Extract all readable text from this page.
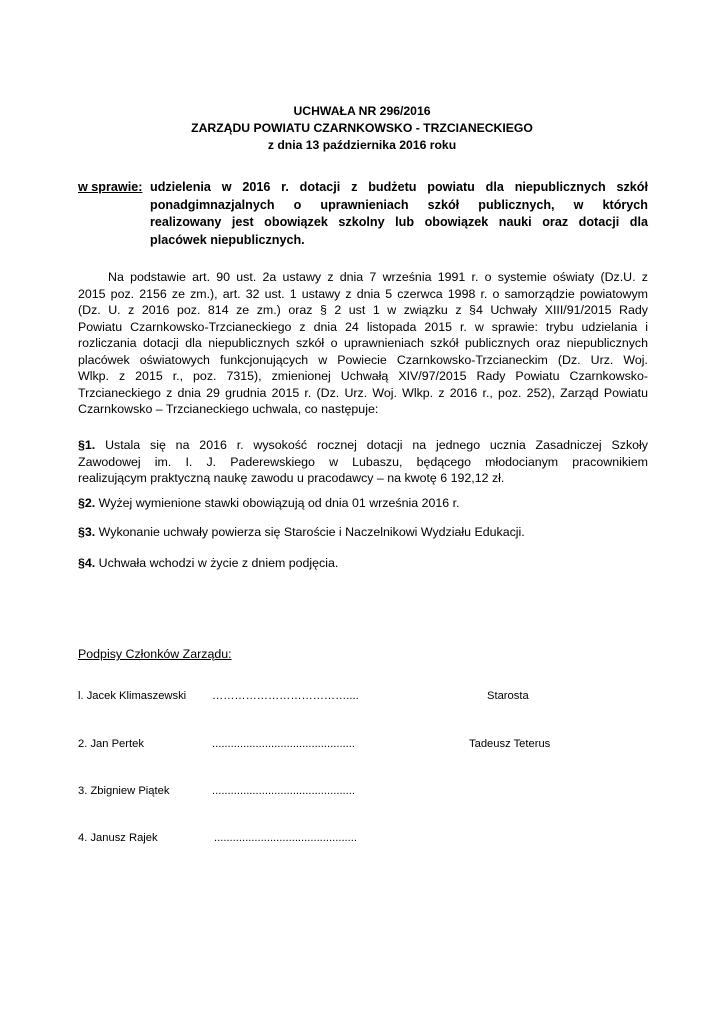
UCHWAŁA NR 296/2016
ZARZĄDU POWIATU CZARNKOWSKO - TRZCIANECKIEGO
z dnia 13 października 2016 roku
w sprawie: udzielenia w 2016 r. dotacji z budżetu powiatu dla niepublicznych szkół
ponadgimnazjalnych o uprawnieniach szkół publicznych, w których
realizowany jest obowiązek szkolny lub obowiązek nauki oraz dotacji dla
placówek niepublicznych.
Na podstawie art. 90 ust. 2a ustawy z dnia 7 września 1991 r. o systemie oświaty (Dz.U. z
2015 poz. 2156 ze zm.), art. 32 ust. 1 ustawy z dnia 5 czerwca 1998 r. o samorządzie powiatowym
(Dz. U. z 2016 poz. 814 ze zm.) oraz § 2 ust 1 w związku z §4 Uchwały XIII/91/2015 Rady
Powiatu Czarnkowsko-Trzcianeckiego z dnia 24 listopada 2015 r. w sprawie: trybu udzielania i
rozliczania dotacji dla niepublicznych szkół o uprawnieniach szkół publicznych oraz niepublicznych
placówek oświatowych funkcjonujących w Powiecie Czarnkowsko-Trzcianeckim (Dz. Urz. Woj.
Wlkp. z 2015 r., poz. 7315), zmienionej Uchwałą XIV/97/2015 Rady Powiatu Czarnkowsko-
Trzcianeckiego z dnia 29 grudnia 2015 r. (Dz. Urz. Woj. Wlkp. z 2016 r., poz. 252), Zarząd Powiatu
Czarnkowsko – Trzcianeckiego uchwala, co następuje:
§1. Ustala się na 2016 r. wysokość rocznej dotacji na jednego ucznia Zasadniczej Szkoły
Zawodowej im. I. J. Paderewskiego w Lubaszu, będącego młodocianym pracownikiem
realizującym praktyczną naukę zawodu u pracodawcy – na kwotę 6 192,12 zł.
§2. Wyżej wymienione stawki obowiązują od dnia 01 września 2016 r.
§3. Wykonanie uchwały powierza się Staroście i Naczelnikowi Wydziału Edukacji.
§4. Uchwała wchodzi w życie z dniem podjęcia.
Podpisy Członków Zarządu:
l. Jacek Klimaszewski ………………………………....	Starosta
2. Jan Pertek	..............................................	Tadeusz Teterus
3. Zbigniew Piątek	..............................................
4. Janusz Rajek	..............................................
